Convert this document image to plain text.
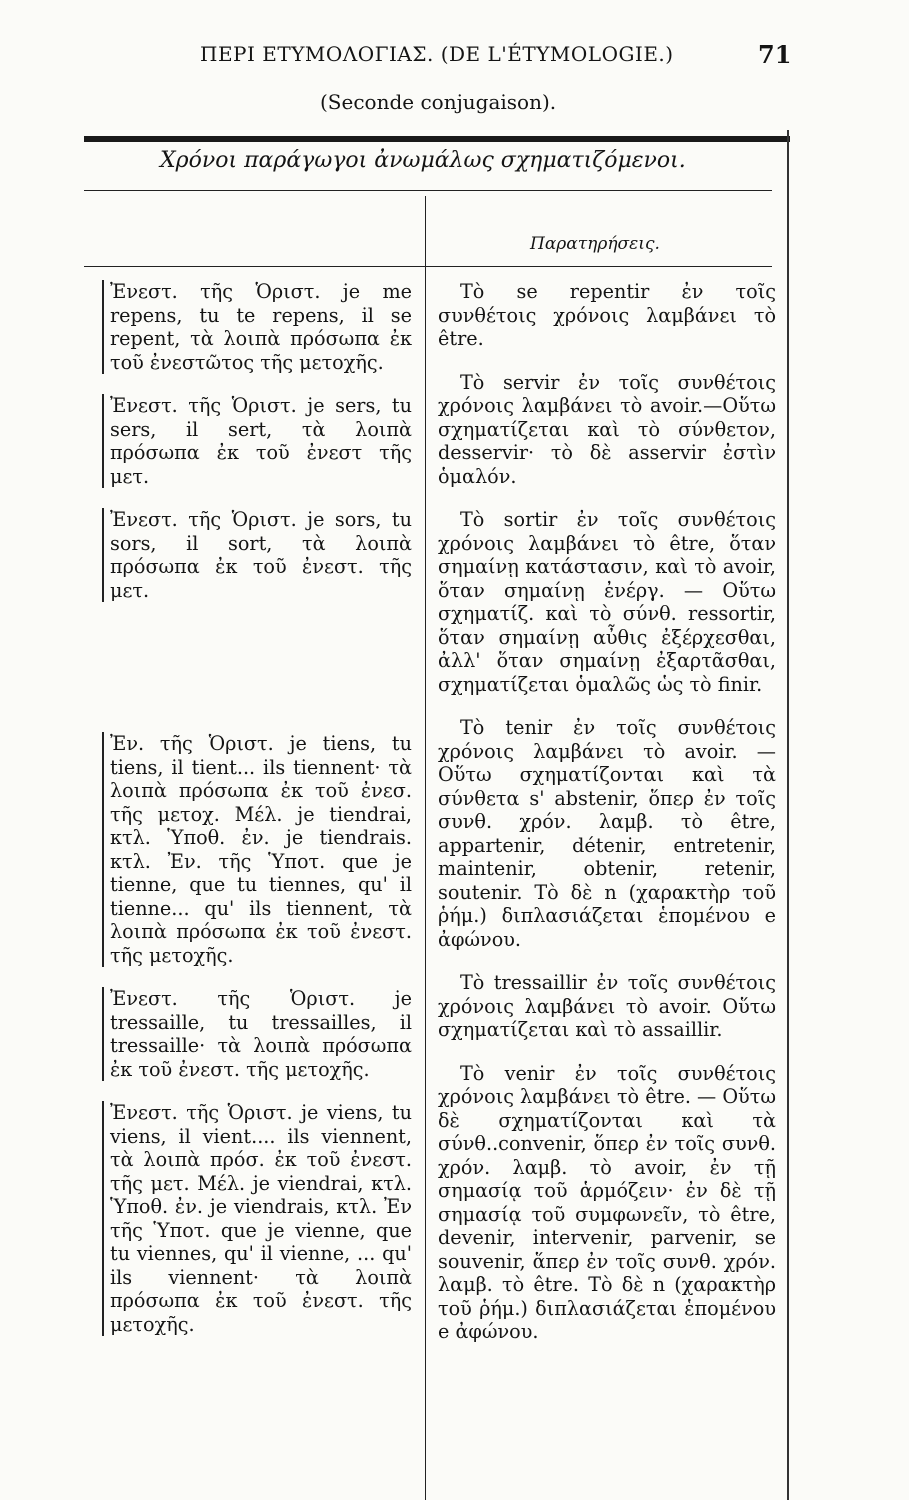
ΠΕΡΙ ΕΤΥΜΟΛΟΓΙΑΣ. (DE L'ÉTYMOLOGIE.)	71
(Seconde conjugaison).
Χρόνοι παράγωγοι ἀνωμάλως σχηματιζόμενοι.
Παρατηρήσεις.
Ἐνεστ. τῆς Ὁριστ. je me repens, tu te repens, il se repent, τὰ λοιπὰ πρόσωπα ἐκ τοῦ ἐνεστῶτος τῆς μετοχῆς.
Ἐνεστ. τῆς Ὁριστ. je sers, tu sers, il sert, τὰ λοιπὰ πρόσωπα ἐκ τοῦ ἐνεστ τῆς μετ.
Ἐνεστ. τῆς Ὁριστ. je sors, tu sors, il sort, τὰ λοιπὰ πρόσωπα ἐκ τοῦ ἐνεστ. τῆς μετ.
Ἐν. τῆς Ὁριστ. je tiens, tu tiens, il tient... ils tiennent· τὰ λοιπὰ πρόσωπα ἐκ τοῦ ἐνεσ. τῆς μετοχ. Μέλ. je tiendrai, κτλ. Ὑποθ. ἐν. je tiendrais. κτλ. Ἐν. τῆς Ὑποτ. que je tienne, que tu tiennes, qu' il tienne... qu' ils tiennent, τὰ λοιπὰ πρόσωπα ἐκ τοῦ ἐνεστ. τῆς μετοχῆς.
Ἐνεστ. τῆς Ὁριστ. je tressaille, tu tressailles, il tressaille· τὰ λοιπὰ πρόσωπα ἐκ τοῦ ἐνεστ. τῆς μετοχῆς.
Ἐνεστ. τῆς Ὁριστ. je viens, tu viens, il vient.... ils viennent, τὰ λοιπὰ πρόσ. ἐκ τοῦ ἐνεστ. τῆς μετ. Μέλ. je viendrai, κτλ. Ὑποθ. ἐν. je viendrais, κτλ. Ἐν τῆς Ὑποτ. que je vienne, que tu viennes, qu' il vienne, ... qu' ils viennent· τὰ λοιπὰ πρόσωπα ἐκ τοῦ ἐνεστ. τῆς μετοχῆς.
Τὸ se repentir ἐν τοῖς συνθέτοις χρόνοις λαμβάνει τὸ être.
Τὸ servir ἐν τοῖς συνθέτοις χρόνοις λαμβάνει τὸ avoir.—Οὕτω σχηματίζεται καὶ τὸ σύνθετον, desservir· τὸ δὲ asservir ἐστὶν ὁμαλόν.
Τὸ sortir ἐν τοῖς συνθέτοις χρόνοις λαμβάνει τὸ être, ὅταν σημαίνῃ κατάστασιν, καὶ τὸ avoir, ὅταν σημαίνῃ ἐνέργ. — Οὕτω σχηματίζ. καὶ τὸ σύνθ. ressortir, ὅταν σημαίνῃ αὖθις ἐξέρχεσθαι, ἀλλ' ὅταν σημαίνῃ ἐξαρτᾶσθαι, σχηματίζεται ὁμαλῶς ὡς τὸ finir.
Τὸ tenir ἐν τοῖς συνθέτοις χρόνοις λαμβάνει τὸ avoir. — Οὕτω σχηματίζονται καὶ τὰ σύνθετα s' abstenir, ὅπερ ἐν τοῖς συνθ. χρόν. λαμβ. τὸ être, appartenir, détenir, entretenir, maintenir, obtenir, retenir, soutenir. Τὸ δὲ n (χαρακτὴρ τοῦ ῥήμ.) διπλασιάζεται ἑπομένου e ἀφώνου.
Τὸ tressaillir ἐν τοῖς συνθέτοις χρόνοις λαμβάνει τὸ avoir. Οὕτω σχηματίζεται καὶ τὸ assaillir.
Τὸ venir ἐν τοῖς συνθέτοις χρόνοις λαμβάνει τὸ être. — Οὕτω δὲ σχηματίζονται καὶ τὰ σύνθ..convenir, ὅπερ ἐν τοῖς συνθ. χρόν. λαμβ. τὸ avoir, ἐν τῇ σημασίᾳ τοῦ ἁρμόζειν· ἐν δὲ τῇ σημασίᾳ τοῦ συμφωνεῖν, τὸ être, devenir, intervenir, parvenir, se souvenir, ἅπερ ἐν τοῖς συνθ. χρόν. λαμβ. τὸ être. Τὸ δὲ n (χαρακτὴρ τοῦ ῥήμ.) διπλασιάζεται ἑπομένου e ἀφώνου.
